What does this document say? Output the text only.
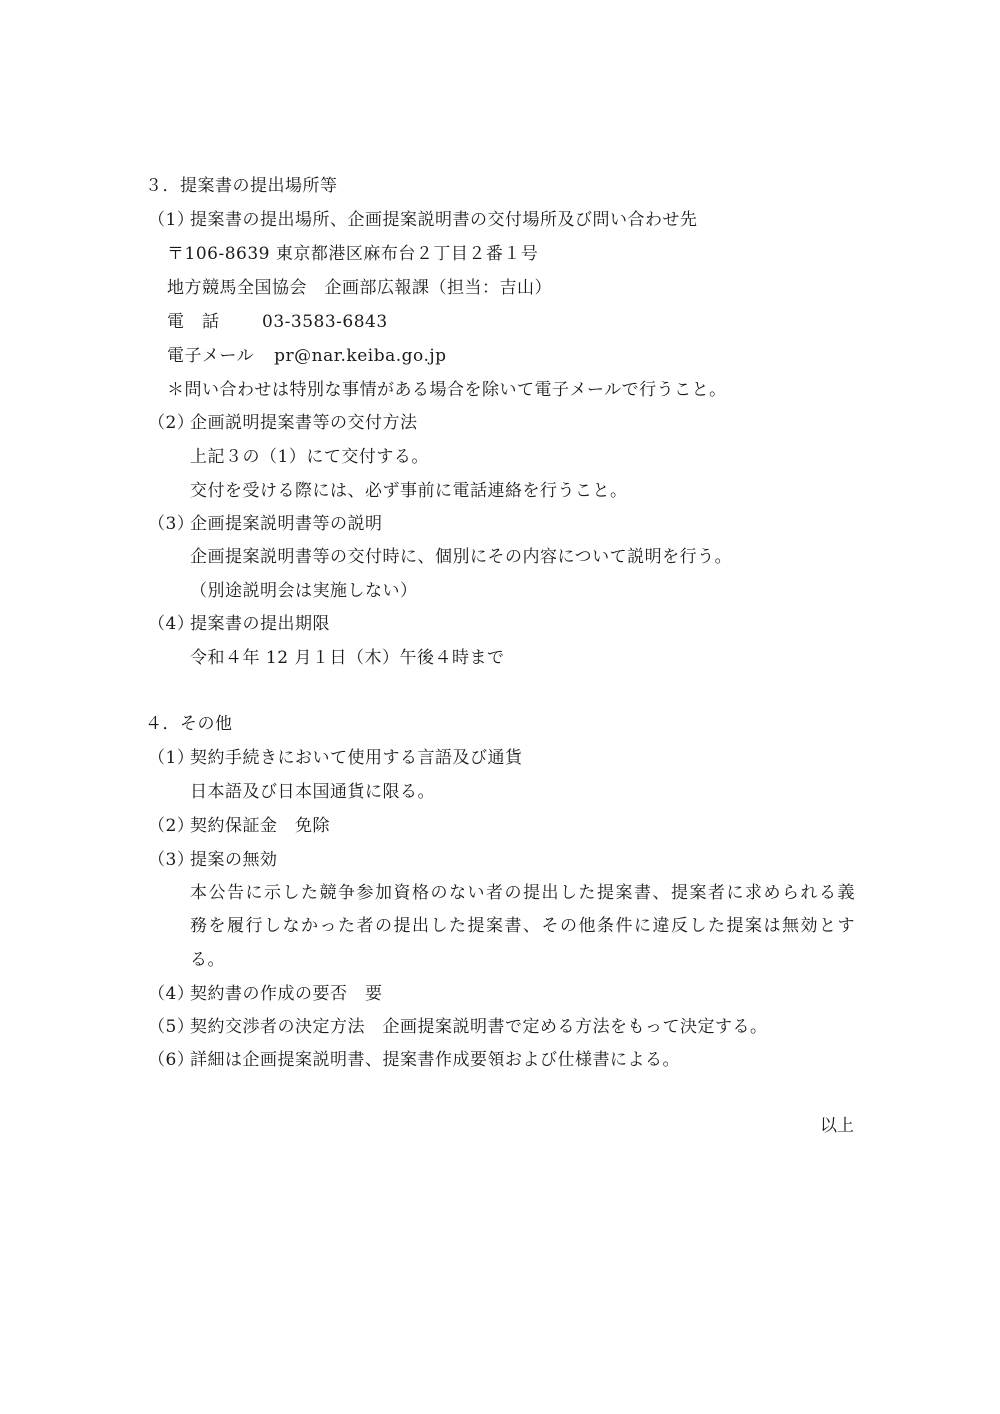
３．提案書の提出場所等
（1）提案書の提出場所、企画提案説明書の交付場所及び問い合わせ先
〒106-8639 東京都港区麻布台２丁目２番１号
地方競馬全国協会　企画部広報課（担当：吉山）
電　話	03-3583-6843
電子メール pr@nar.keiba.go.jp
＊問い合わせは特別な事情がある場合を除いて電子メールで行うこと。
（2）企画説明提案書等の交付方法
上記３の（1）にて交付する。
交付を受ける際には、必ず事前に電話連絡を行うこと。
（3）企画提案説明書等の説明
企画提案説明書等の交付時に、個別にその内容について説明を行う。
（別途説明会は実施しない）
（4）提案書の提出期限
令和４年 12 月１日（木）午後４時まで
４．その他
（1）契約手続きにおいて使用する言語及び通貨
日本語及び日本国通貨に限る。
（2）契約保証金　免除
（3）提案の無効
本公告に示した競争参加資格のない者の提出した提案書、提案者に求められる義
務を履行しなかった者の提出した提案書、その他条件に違反した提案は無効とす
る。
（4）契約書の作成の要否　要
（5）契約交渉者の決定方法　企画提案説明書で定める方法をもって決定する。
（6）詳細は企画提案説明書、提案書作成要領および仕様書による。
以上
